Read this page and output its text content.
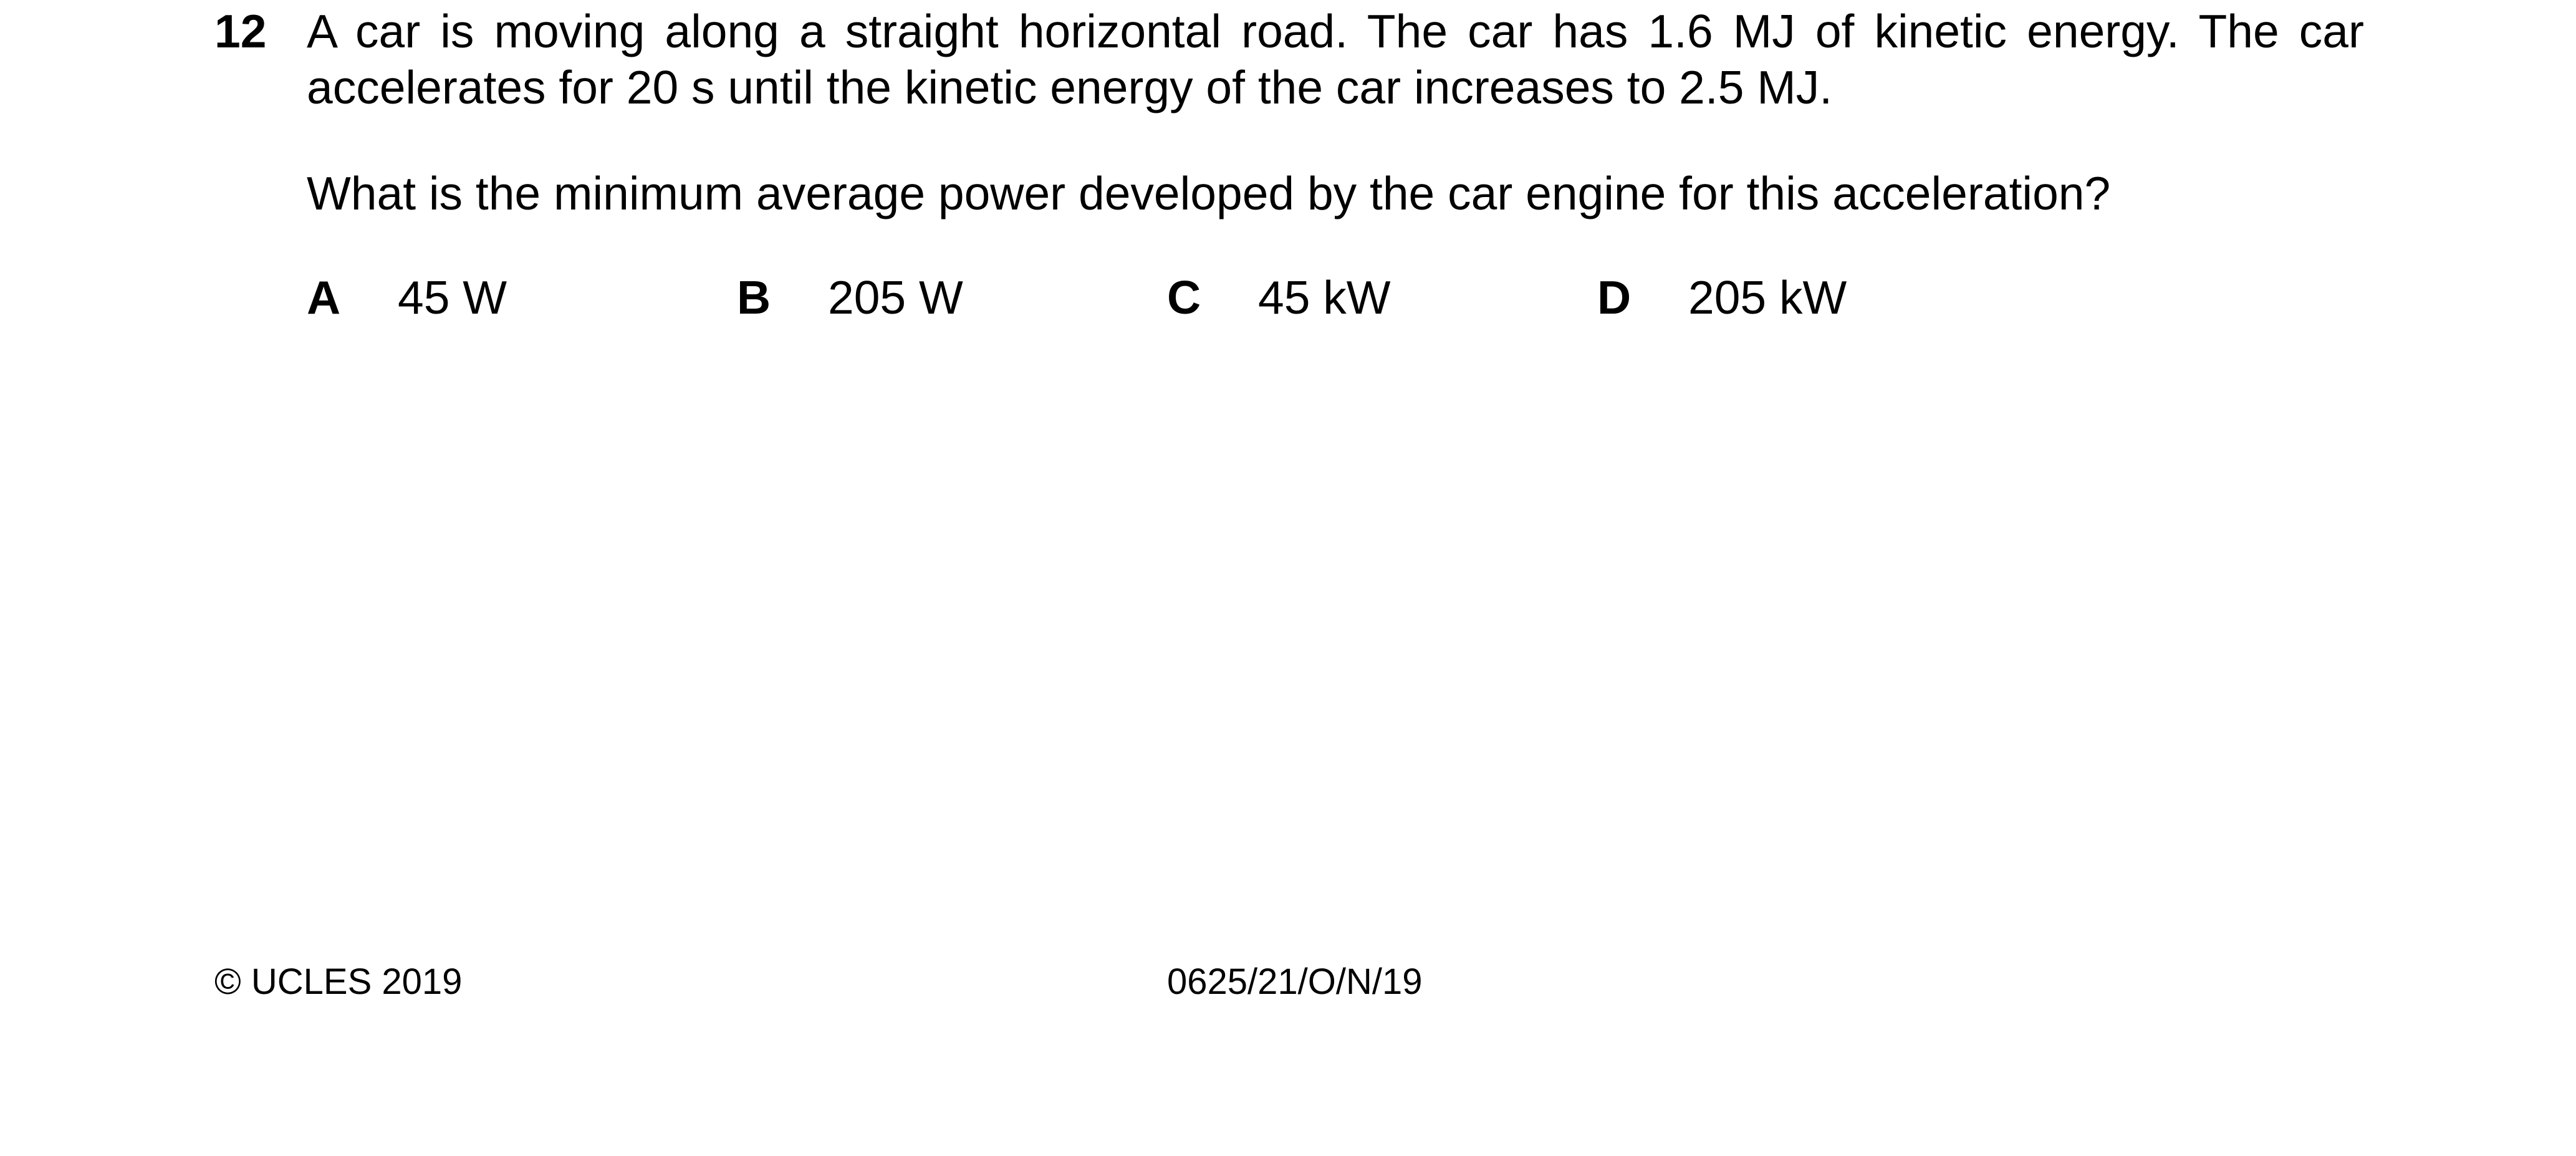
12 A car is moving along a straight horizontal road. The car has 1.6 MJ of kinetic energy. The car accelerates for 20 s until the kinetic energy of the car increases to 2.5 MJ.
What is the minimum average power developed by the car engine for this acceleration?
A 45 W	B 205 W	C 45 kW	D 205 kW
© UCLES 2019	0625/21/O/N/19
